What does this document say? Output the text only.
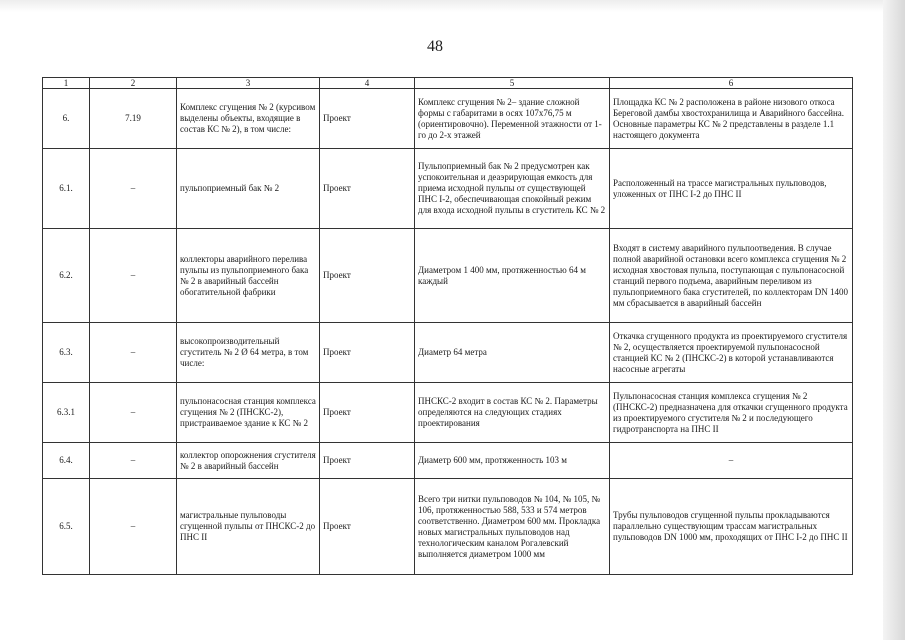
48
1	2	3	4	5	6
6.	7.19	Комплекс сгущения № 2 (курсивом выделены объекты, входящие в состав КС № 2), в том числе:	Проект	Комплекс сгущения № 2– здание сложной формы с габаритами в осях 107х76,75 м (ориентировочно). Переменной этажности от 1-го до 2-х этажей	Площадка КС № 2 расположена в районе низового откоса Береговой дамбы хвостохранилища и Аварийного бассейна. Основные параметры КС № 2 представлены в разделе 1.1 настоящего документа
6.1.	–	пульпоприемный бак № 2	Проект	Пульпоприемный бак № 2 предусмотрен как успокоительная и деаэрирующая емкость для приема исходной пульпы от существующей ПНС I-2, обеспечивающая спокойный режим для входа исходной пульпы в сгуститель КС № 2	Расположенный на трассе магистральных пульповодов, уложенных от ПНС I-2 до ПНС II
6.2.	–	коллекторы аварийного перелива пульпы из пульпоприемного бака № 2 в аварийный бассейн обогатительной фабрики	Проект	Диаметром 1 400 мм, протяженностью 64 м каждый	Входят в систему аварийного пульпоотведения. В случае полной аварийной остановки всего комплекса сгущения № 2 исходная хвостовая пульпа, поступающая с пульпонасосной станций первого подъема, аварийным переливом из пульпоприемного бака сгустителей, по коллекторам DN 1400 мм сбрасывается в аварийный бассейн
6.3.	–	высокопроизводительный сгуститель № 2 Ø 64 метра, в том числе:	Проект	Диаметр 64 метра	Откачка сгущенного продукта из проектируемого сгустителя № 2, осуществляется проектируемой пульпонасосной станцией КС № 2 (ПНСКС-2) в которой устанавливаются насосные агрегаты
6.3.1	–	пульпонасосная станция комплекса сгущения № 2 (ПНСКС-2), пристраиваемое здание к КС № 2	Проект	ПНСКС-2 входит в состав КС № 2. Параметры определяются на следующих стадиях проектирования	Пульпонасосная станция комплекса сгущения № 2 (ПНСКС-2) предназначена для откачки сгущенного продукта из проектируемого сгустителя № 2 и последующего гидротранспорта на ПНС II
6.4.	–	коллектор опорожнения сгустителя № 2 в аварийный бассейн	Проект	Диаметр 600 мм, протяженность 103 м	–
6.5.	–	магистральные пульповоды сгущенной пульпы от ПНСКС-2 до ПНС II	Проект	Всего три нитки пульповодов № 104, № 105, № 106, протяженностью 588, 533 и 574 метров соответственно. Диаметром 600 мм. Прокладка новых магистральных пульповодов над технологическим каналом Рогалевский выполняется диаметром 1000 мм	Трубы пульповодов сгущенной пульпы прокладываются параллельно существующим трассам магистральных пульповодов DN 1000 мм, проходящих от ПНС I-2 до ПНС II
